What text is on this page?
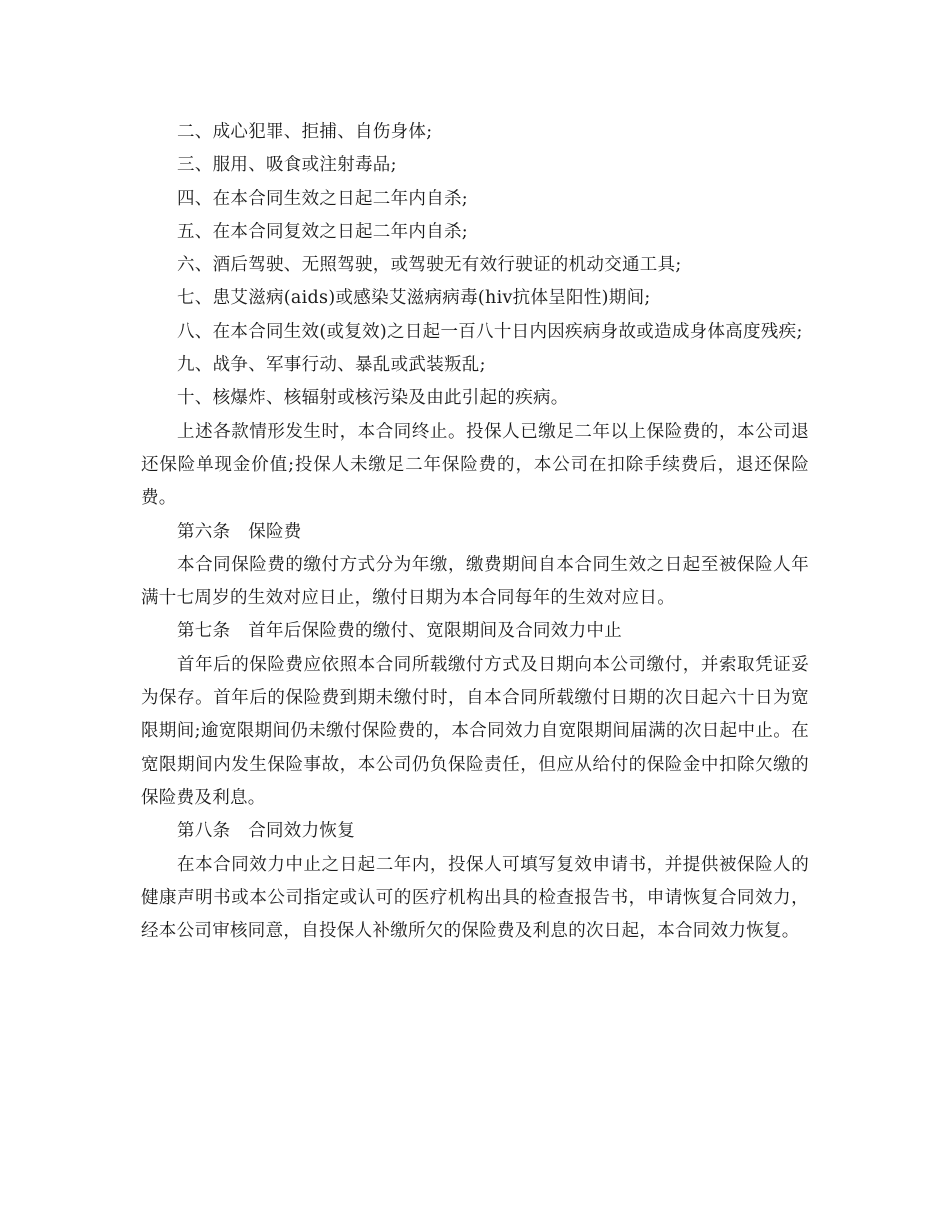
二、成心犯罪、拒捕、自伤身体;

三、服用、吸食或注射毒品;

四、在本合同生效之日起二年内自杀;

五、在本合同复效之日起二年内自杀;

六、酒后驾驶、无照驾驶，或驾驶无有效行驶证的机动交通工具;

七、患艾滋病(aids)或感染艾滋病病毒(hiv抗体呈阳性)期间;

八、在本合同生效(或复效)之日起一百八十日内因疾病身故或造成身体高度残疾;

九、战争、军事行动、暴乱或武装叛乱;

十、核爆炸、核辐射或核污染及由此引起的疾病。

上述各款情形发生时，本合同终止。投保人已缴足二年以上保险费的，本公司退还保险单现金价值;投保人未缴足二年保险费的，本公司在扣除手续费后，退还保险费。

第六条　保险费

本合同保险费的缴付方式分为年缴，缴费期间自本合同生效之日起至被保险人年满十七周岁的生效对应日止，缴付日期为本合同每年的生效对应日。

第七条　首年后保险费的缴付、宽限期间及合同效力中止

首年后的保险费应依照本合同所载缴付方式及日期向本公司缴付，并索取凭证妥为保存。首年后的保险费到期未缴付时，自本合同所载缴付日期的次日起六十日为宽限期间;逾宽限期间仍未缴付保险费的，本合同效力自宽限期间届满的次日起中止。在宽限期间内发生保险事故，本公司仍负保险责任，但应从给付的保险金中扣除欠缴的保险费及利息。

第八条　合同效力恢复

在本合同效力中止之日起二年内，投保人可填写复效申请书，并提供被保险人的健康声明书或本公司指定或认可的医疗机构出具的检查报告书，申请恢复合同效力，经本公司审核同意，自投保人补缴所欠的保险费及利息的次日起，本合同效力恢复。
